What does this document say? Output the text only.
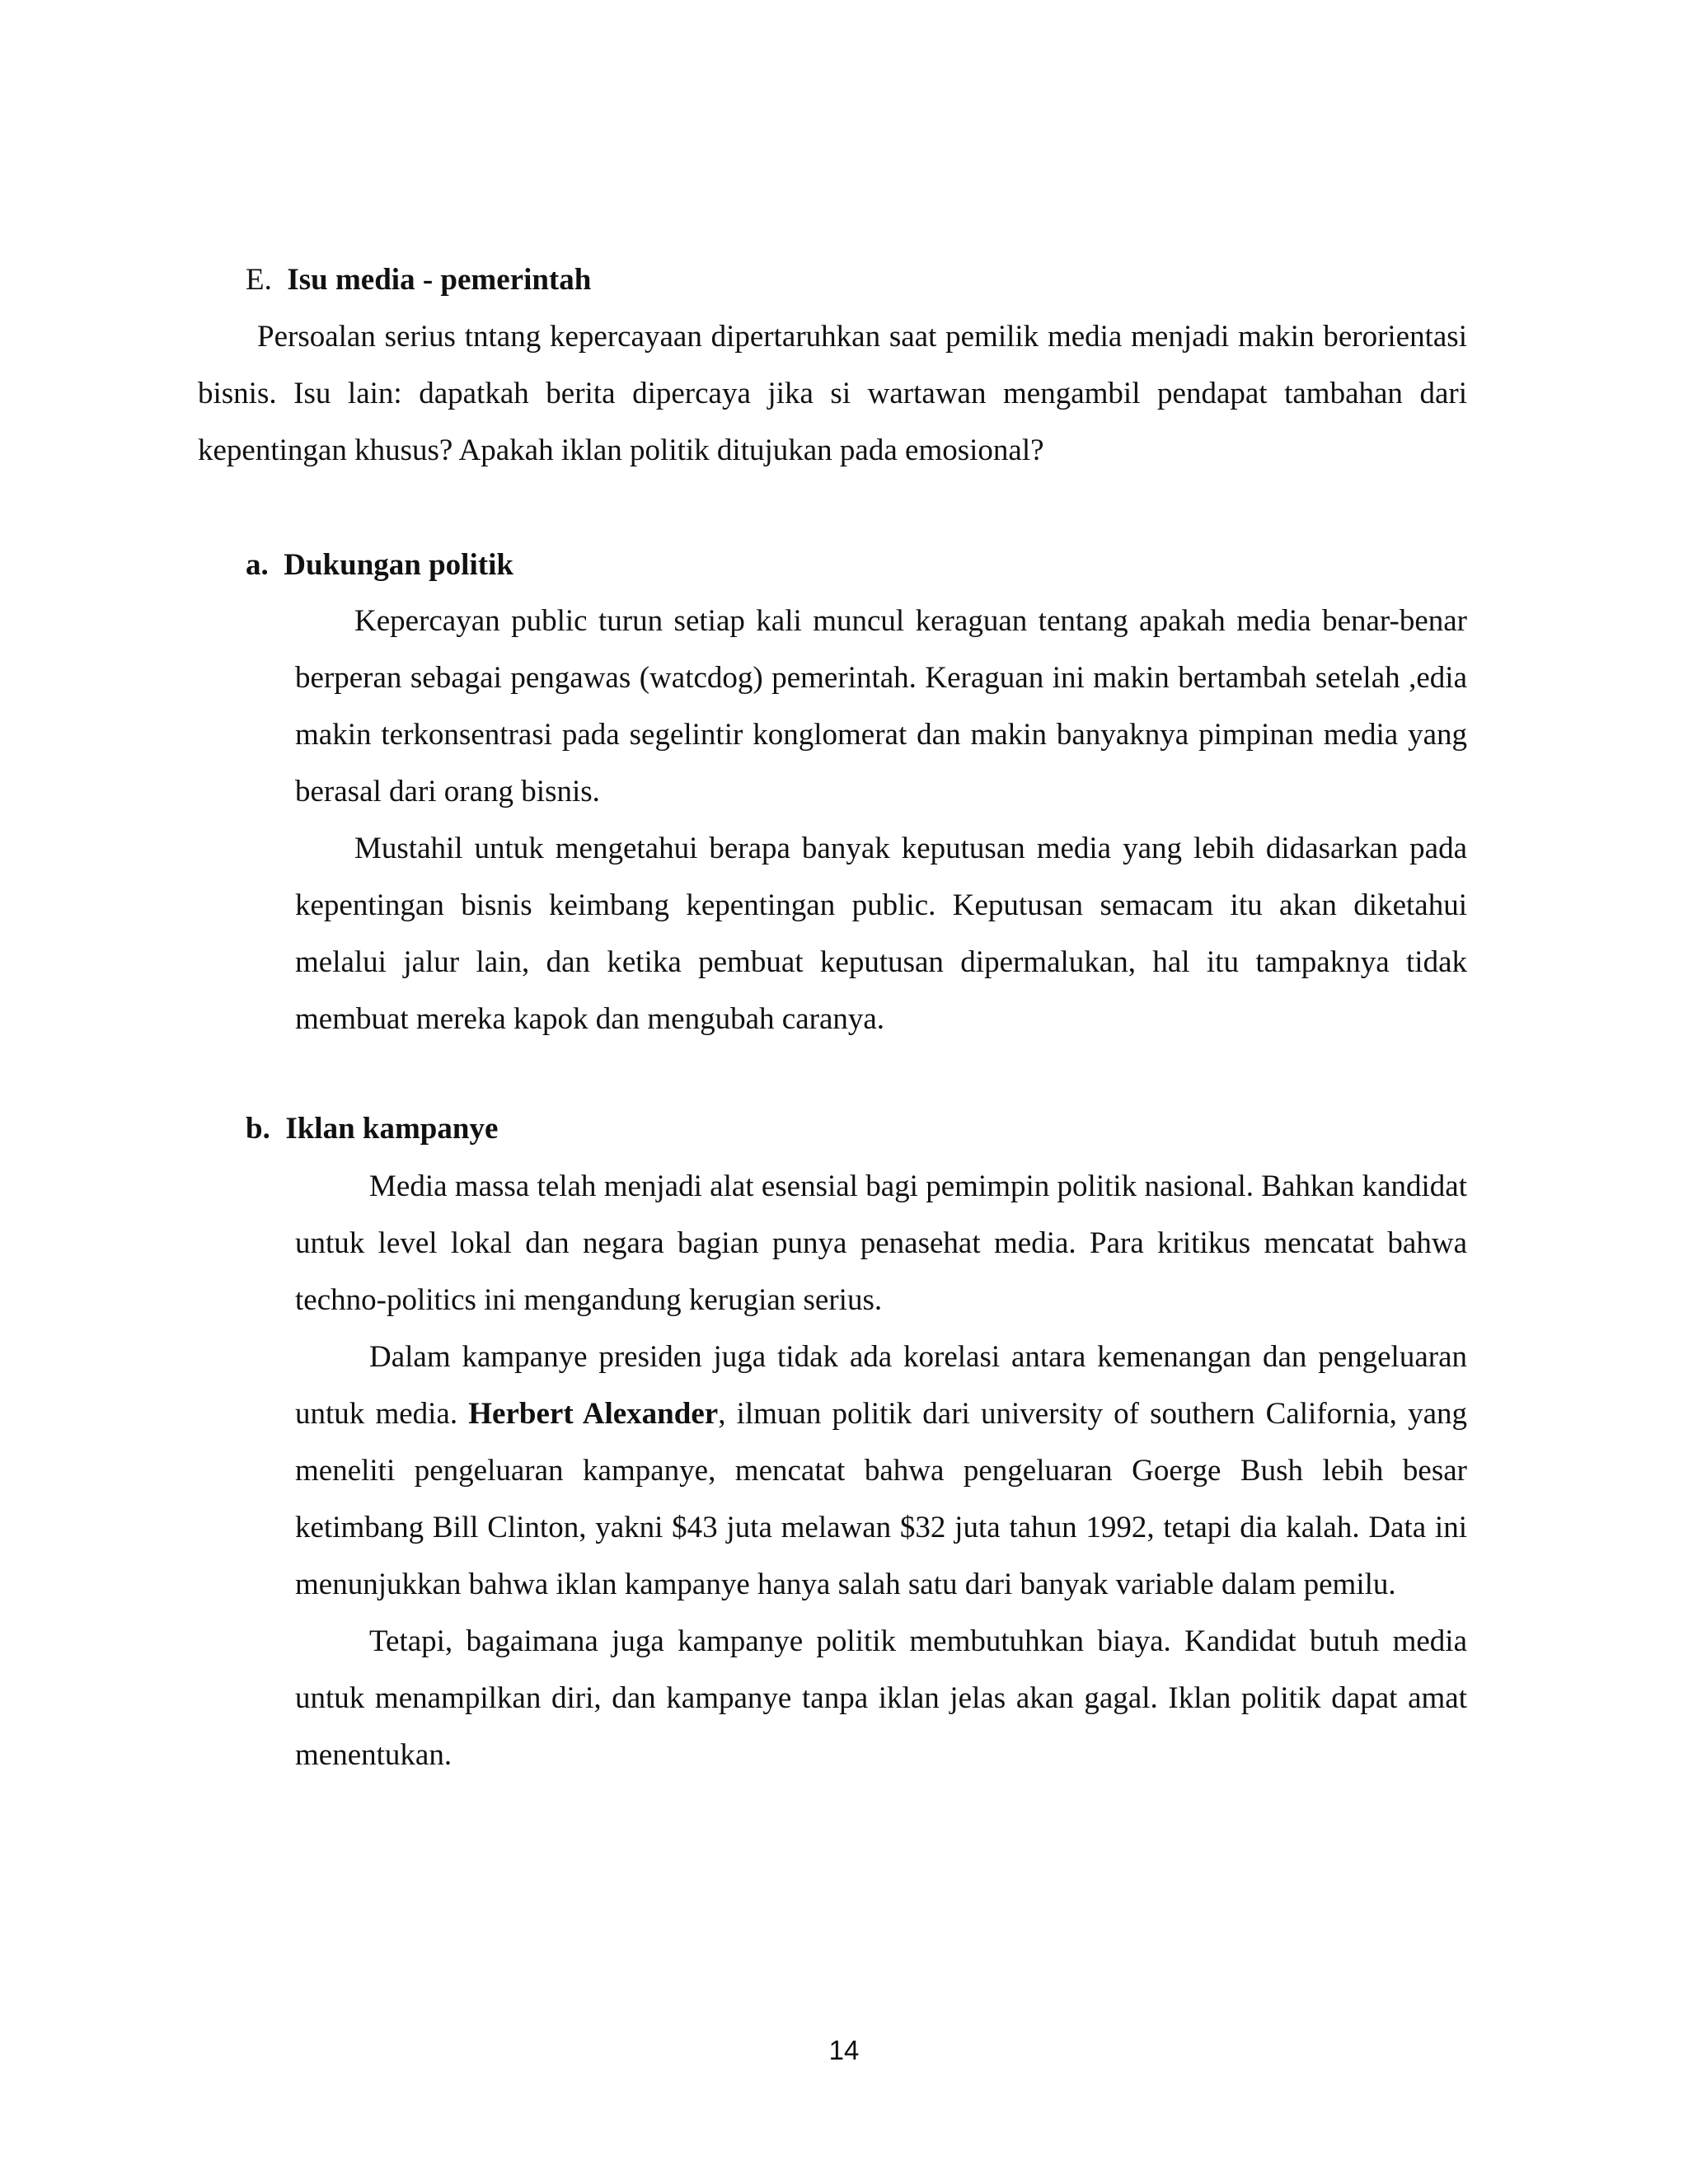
E. Isu media - pemerintah

Persoalan serius tntang kepercayaan dipertaruhkan saat pemilik media menjadi makin berorientasi bisnis. Isu lain: dapatkah berita dipercaya jika si wartawan mengambil pendapat tambahan dari kepentingan khusus? Apakah iklan politik ditujukan pada emosional?

a. Dukungan politik

Kepercayan public turun setiap kali muncul keraguan tentang apakah media benar-benar berperan sebagai pengawas (watcdog) pemerintah. Keraguan ini makin bertambah setelah ,edia makin terkonsentrasi pada segelintir konglomerat dan makin banyaknya pimpinan media yang berasal dari orang bisnis.

Mustahil untuk mengetahui berapa banyak keputusan media yang lebih didasarkan pada kepentingan bisnis keimbang kepentingan public. Keputusan semacam itu akan diketahui melalui jalur lain, dan ketika pembuat keputusan dipermalukan, hal itu tampaknya tidak membuat mereka kapok dan mengubah caranya.

b. Iklan kampanye

Media massa telah menjadi alat esensial bagi pemimpin politik nasional. Bahkan kandidat untuk level lokal dan negara bagian punya penasehat media. Para kritikus mencatat bahwa techno-politics ini mengandung kerugian serius.

Dalam kampanye presiden juga tidak ada korelasi antara kemenangan dan pengeluaran untuk media. Herbert Alexander, ilmuan politik dari university of southern California, yang meneliti pengeluaran kampanye, mencatat bahwa pengeluaran Goerge Bush lebih besar ketimbang Bill Clinton, yakni $43 juta melawan $32 juta tahun 1992, tetapi dia kalah. Data ini menunjukkan bahwa iklan kampanye hanya salah satu dari banyak variable dalam pemilu.

Tetapi, bagaimana juga kampanye politik membutuhkan biaya. Kandidat butuh media untuk menampilkan diri, dan kampanye tanpa iklan jelas akan gagal. Iklan politik dapat amat menentukan.

14
